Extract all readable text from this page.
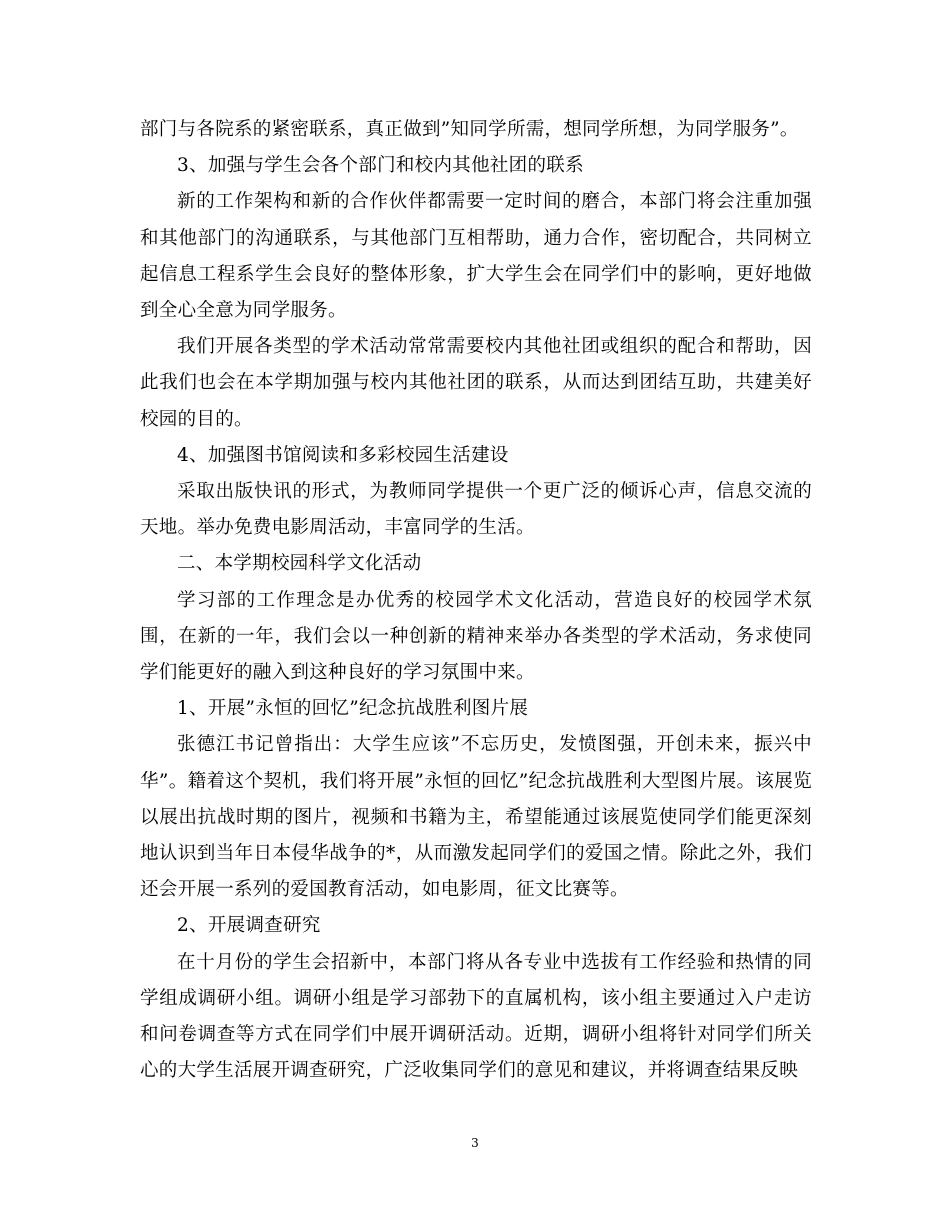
部门与各院系的紧密联系，真正做到”知同学所需，想同学所想，为同学服务”。

3、加强与学生会各个部门和校内其他社团的联系

新的工作架构和新的合作伙伴都需要一定时间的磨合，本部门将会注重加强和其他部门的沟通联系，与其他部门互相帮助，通力合作，密切配合，共同树立起信息工程系学生会良好的整体形象，扩大学生会在同学们中的影响，更好地做到全心全意为同学服务。

我们开展各类型的学术活动常常需要校内其他社团或组织的配合和帮助，因此我们也会在本学期加强与校内其他社团的联系，从而达到团结互助，共建美好校园的目的。

4、加强图书馆阅读和多彩校园生活建设

采取出版快讯的形式，为教师同学提供一个更广泛的倾诉心声，信息交流的天地。举办免费电影周活动，丰富同学的生活。

二、本学期校园科学文化活动

学习部的工作理念是办优秀的校园学术文化活动，营造良好的校园学术氛围，在新的一年，我们会以一种创新的精神来举办各类型的学术活动，务求使同学们能更好的融入到这种良好的学习氛围中来。

1、开展”永恒的回忆”纪念抗战胜利图片展

张德江书记曾指出：大学生应该”不忘历史，发愤图强，开创未来，振兴中华”。籍着这个契机，我们将开展”永恒的回忆”纪念抗战胜利大型图片展。该展览以展出抗战时期的图片，视频和书籍为主，希望能通过该展览使同学们能更深刻地认识到当年日本侵华战争的*，从而激发起同学们的爱国之情。除此之外，我们还会开展一系列的爱国教育活动，如电影周，征文比赛等。

2、开展调查研究

在十月份的学生会招新中，本部门将从各专业中选拔有工作经验和热情的同学组成调研小组。调研小组是学习部勃下的直属机构，该小组主要通过入户走访和问卷调查等方式在同学们中展开调研活动。近期，调研小组将针对同学们所关心的大学生活展开调查研究，广泛收集同学们的意见和建议，并将调查结果反映

3
